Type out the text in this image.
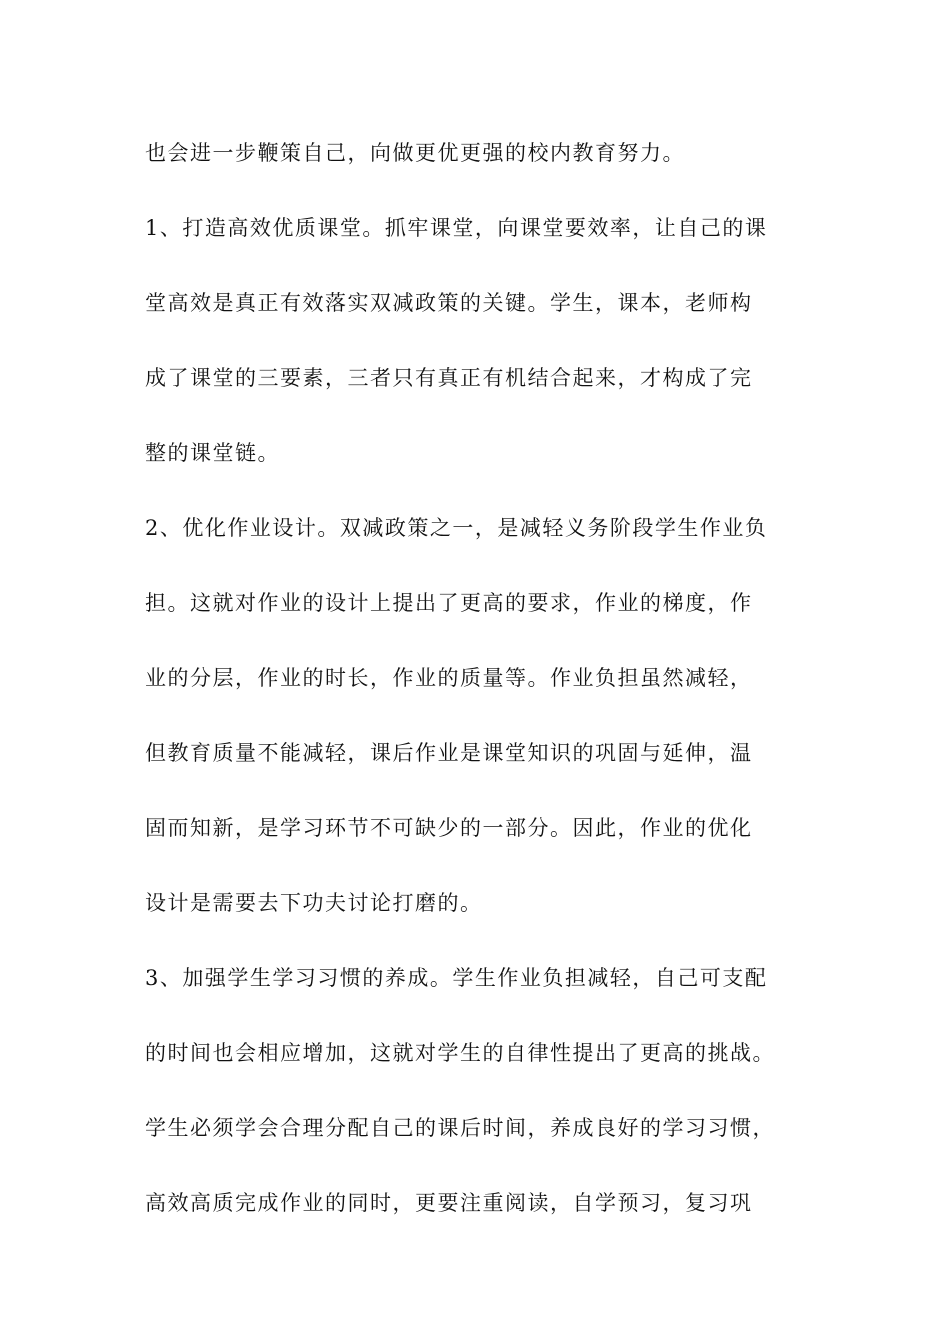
也会进一步鞭策自己，向做更优更强的校内教育努力。
1、打造高效优质课堂。抓牢课堂，向课堂要效率，让自己的课
堂高效是真正有效落实双减政策的关键。学生，课本，老师构
成了课堂的三要素，三者只有真正有机结合起来，才构成了完
整的课堂链。
2、优化作业设计。双减政策之一，是减轻义务阶段学生作业负
担。这就对作业的设计上提出了更高的要求，作业的梯度，作
业的分层，作业的时长，作业的质量等。作业负担虽然减轻，
但教育质量不能减轻，课后作业是课堂知识的巩固与延伸，温
固而知新，是学习环节不可缺少的一部分。因此，作业的优化
设计是需要去下功夫讨论打磨的。
3、加强学生学习习惯的养成。学生作业负担减轻，自己可支配
的时间也会相应增加，这就对学生的自律性提出了更高的挑战。
学生必须学会合理分配自己的课后时间，养成良好的学习习惯，
高效高质完成作业的同时，更要注重阅读，自学预习，复习巩
